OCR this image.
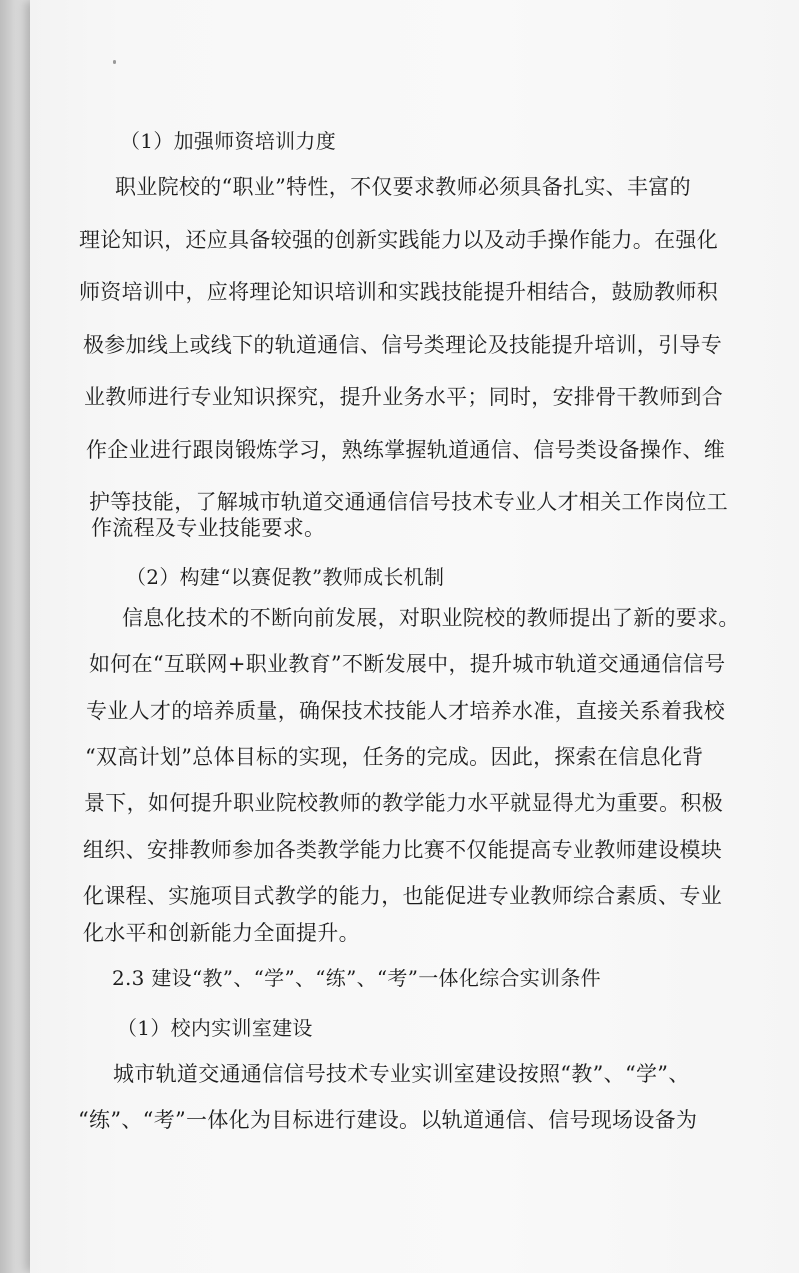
（1）加强师资培训力度
职业院校的“职业”特性，不仅要求教师必须具备扎实、丰富的
理论知识，还应具备较强的创新实践能力以及动手操作能力。在强化
师资培训中，应将理论知识培训和实践技能提升相结合，鼓励教师积
极参加线上或线下的轨道通信、信号类理论及技能提升培训，引导专
业教师进行专业知识探究，提升业务水平；同时，安排骨干教师到合
作企业进行跟岗锻炼学习，熟练掌握轨道通信、信号类设备操作、维
护等技能，了解城市轨道交通通信信号技术专业人才相关工作岗位工
作流程及专业技能要求。
（2）构建“以赛促教”教师成长机制
信息化技术的不断向前发展，对职业院校的教师提出了新的要求。
如何在“互联网+职业教育”不断发展中，提升城市轨道交通通信信号
专业人才的培养质量，确保技术技能人才培养水准，直接关系着我校
“双高计划”总体目标的实现，任务的完成。因此，探索在信息化背
景下，如何提升职业院校教师的教学能力水平就显得尤为重要。积极
组织、安排教师参加各类教学能力比赛不仅能提高专业教师建设模块
化课程、实施项目式教学的能力，也能促进专业教师综合素质、专业
化水平和创新能力全面提升。
2.3 建设“教”、“学”、“练”、“考”一体化综合实训条件
（1）校内实训室建设
城市轨道交通通信信号技术专业实训室建设按照“教”、“学”、
“练”、“考”一体化为目标进行建设。以轨道通信、信号现场设备为
